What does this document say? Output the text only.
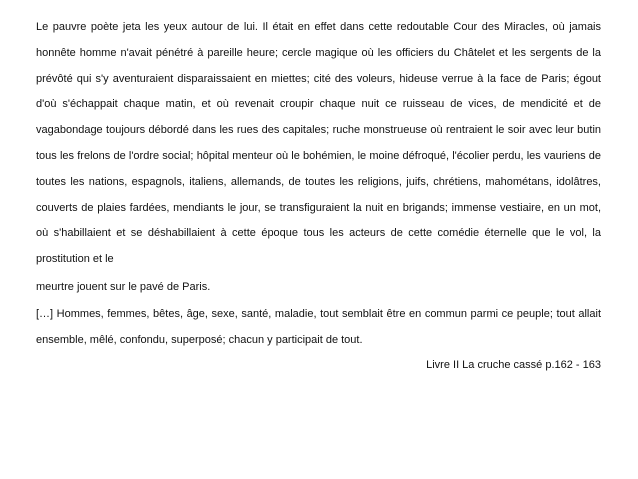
Le pauvre poète jeta les yeux autour de lui. Il était en effet dans cette redoutable Cour des Miracles, où jamais honnête homme n'avait pénétré à pareille heure; cercle magique où les officiers du Châtelet et les sergents de la prévôté qui s'y aventuraient disparaissaient en miettes; cité des voleurs, hideuse verrue à la face de Paris; égout d'où s'échappait chaque matin, et où revenait croupir chaque nuit ce ruisseau de vices, de mendicité et de vagabondage toujours débordé dans les rues des capitales; ruche monstrueuse où rentraient le soir avec leur butin tous les frelons de l'ordre social; hôpital menteur où le bohémien, le moine défroqué, l'écolier perdu, les vauriens de toutes les nations, espagnols, italiens, allemands, de toutes les religions, juifs, chrétiens, mahométans, idolâtres, couverts de plaies fardées, mendiants le jour, se transfiguraient la nuit en brigands; immense vestiaire, en un mot, où s'habillaient et se déshabillaient à cette époque tous les acteurs de cette comédie éternelle que le vol, la prostitution et le

meurtre jouent sur le pavé de Paris.

[…] Hommes, femmes, bêtes, âge, sexe, santé, maladie, tout semblait être en commun parmi ce peuple; tout allait ensemble, mêlé, confondu, superposé; chacun y participait de tout.

Livre II La cruche cassé p.162 - 163
